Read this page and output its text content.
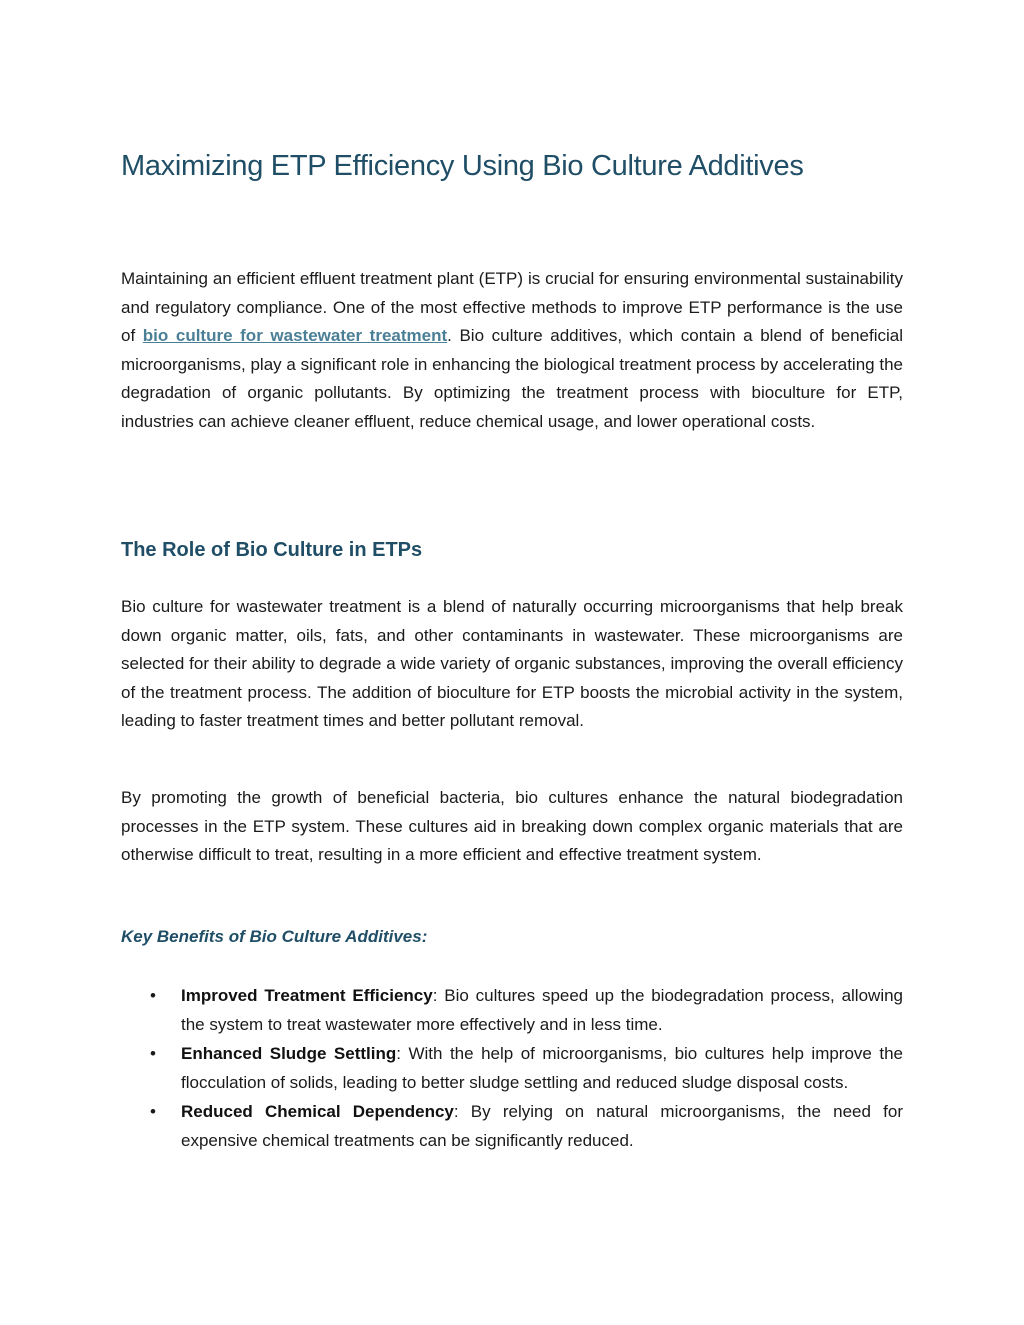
Maximizing ETP Efficiency Using Bio Culture Additives

Maintaining an efficient effluent treatment plant (ETP) is crucial for ensuring environmental sustainability and regulatory compliance. One of the most effective methods to improve ETP performance is the use of bio culture for wastewater treatment. Bio culture additives, which contain a blend of beneficial microorganisms, play a significant role in enhancing the biological treatment process by accelerating the degradation of organic pollutants. By optimizing the treatment process with bioculture for ETP, industries can achieve cleaner effluent, reduce chemical usage, and lower operational costs.

The Role of Bio Culture in ETPs

Bio culture for wastewater treatment is a blend of naturally occurring microorganisms that help break down organic matter, oils, fats, and other contaminants in wastewater. These microorganisms are selected for their ability to degrade a wide variety of organic substances, improving the overall efficiency of the treatment process. The addition of bioculture for ETP boosts the microbial activity in the system, leading to faster treatment times and better pollutant removal.

By promoting the growth of beneficial bacteria, bio cultures enhance the natural biodegradation processes in the ETP system. These cultures aid in breaking down complex organic materials that are otherwise difficult to treat, resulting in a more efficient and effective treatment system.

Key Benefits of Bio Culture Additives:
• Improved Treatment Efficiency: Bio cultures speed up the biodegradation process, allowing the system to treat wastewater more effectively and in less time.
• Enhanced Sludge Settling: With the help of microorganisms, bio cultures help improve the flocculation of solids, leading to better sludge settling and reduced sludge disposal costs.
• Reduced Chemical Dependency: By relying on natural microorganisms, the need for expensive chemical treatments can be significantly reduced.
